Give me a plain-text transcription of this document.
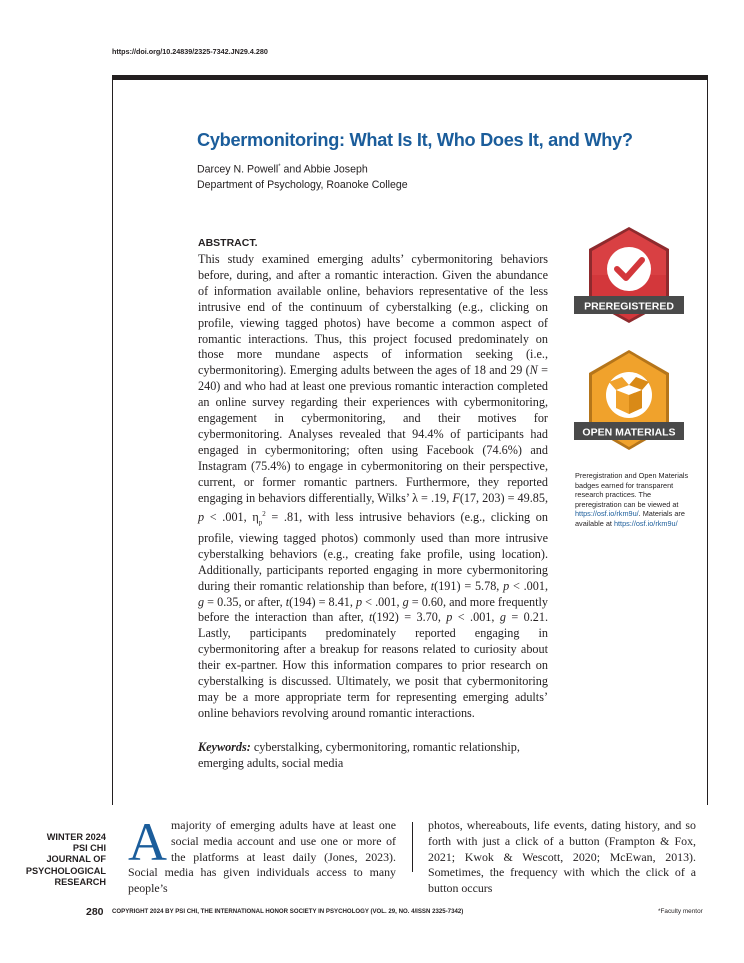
https://doi.org/10.24839/2325-7342.JN29.4.280
Cybermonitoring: What Is It, Who Does It, and Why?
Darcey N. Powell* and Abbie Joseph
Department of Psychology, Roanoke College
ABSTRACT.
This study examined emerging adults’ cybermonitoring behaviors before, during, and after a romantic interaction. Given the abundance of information available online, behaviors representative of the less intrusive end of the continuum of cyberstalking (e.g., clicking on profile, viewing tagged photos) have become a common aspect of romantic interactions. Thus, this project focused predominately on those more mundane aspects of information seeking (i.e., cybermonitoring). Emerging adults between the ages of 18 and 29 (N = 240) and who had at least one previous romantic interaction completed an online survey regarding their experiences with cybermonitoring, engagement in cybermonitoring, and their motives for cybermonitoring. Analyses revealed that 94.4% of participants had engaged in cybermonitoring; often using Facebook (74.6%) and Instagram (75.4%) to engage in cybermonitoring on their perspective, current, or former romantic partners. Furthermore, they reported engaging in behaviors differentially, Wilks’ λ = .19, F(17, 203) = 49.85, p < .001, $\eta_p^2 = .81$, with less intrusive behaviors (e.g., clicking on profile, viewing tagged photos) commonly used than more intrusive cyberstalking behaviors (e.g., creating fake profile, using location). Additionally, participants reported engaging in more cybermonitoring during their romantic relationship than before, t(191) = 5.78, p < .001, g = 0.35, or after, t(194) = 8.41, p < .001, g = 0.60, and more frequently before the interaction than after, t(192) = 3.70, p < .001, g = 0.21. Lastly, participants predominately reported engaging in cybermonitoring after a breakup for reasons related to curiosity about their ex-partner. How this information compares to prior research on cyberstalking is discussed. Ultimately, we posit that cybermonitoring may be a more appropriate term for representing emerging adults’ online behaviors revolving around romantic interactions.
Keywords: cyberstalking, cybermonitoring, romantic relationship, emerging adults, social media
PREREGISTERED
OPEN MATERIALS
Preregistration and Open Materials badges earned for transparent research practices. The preregistration can be viewed at https://osf.io/rkm9u/. Materials are available at https://osf.io/rkm9u/
WINTER 2024
PSI CHI
JOURNAL OF
PSYCHOLOGICAL
RESEARCH
Amajority of emerging adults have at least one social media account and use one or more of the platforms at least daily (Jones, 2023). Social media has given individuals access to many people’s
photos, whereabouts, life events, dating history, and so forth with just a click of a button (Frampton & Fox, 2021; Kwok & Wescott, 2020; McEwan, 2013). Sometimes, the frequency with which the click of a button occurs
280 COPYRIGHT 2024 BY PSI CHI, THE INTERNATIONAL HONOR SOCIETY IN PSYCHOLOGY (VOL. 29, NO. 4/ISSN 2325-7342)	*Faculty mentor
